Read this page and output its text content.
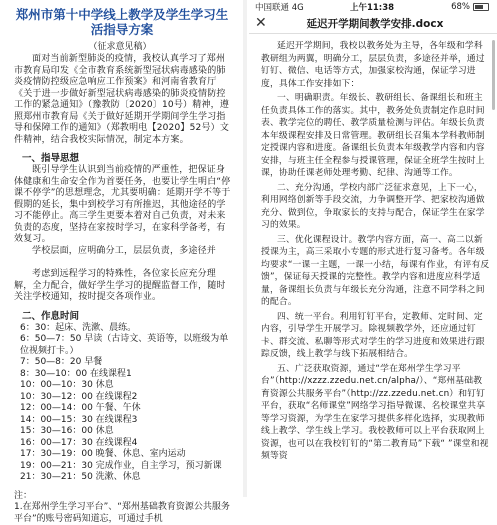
郑州市第十中学线上教学及学生学习生
活指导方案
（征求意见稿）
面对当前新型肺炎的疫情，我校认真学习了郑州市教育局印发《全市教育系统新型冠状病毒感染的肺炎疫情防控级应急响应工作预案》和河南省教育厅《关于进一步做好新型冠状病毒感染的肺炎疫情防控工作的紧急通知》（豫教防〔2020〕10号）精神，遵照郑州市教育局《关于做好延期开学期间学生学习指导和保障工作的通知》（郑教明电【2020】52号）文件精神，结合我校实际情况，制定本方案。
一、指导思想
既引导学生认识到当前疫情的严重性，把保证身体健康和生命安全作为首要任务，也要让学生明白“停课不停学”的思想理念，尤其要明确：延期开学不等于假期的延长，集中到校学习有所推迟，其他途径的学习不能停止。高三学生更要本着对自己负责，对未来负责的态度，坚持在家按时学习，在家科学备考，有效复习。
学校层面，应明确分工，层层负责，多途径并
考虑到远程学习的特殊性，各位家长应充分理解，全力配合，做好学生学习的提醒监督工作，随时关注学校通知，按时提交各项作业。
二、作息时间
6：30：起床、洗漱、晨练。
6：50—7：50 早读（古诗文、英语等，以班级为单位视频打卡。）
7：50—8：20 早餐
8：30—10：00 在线课程1
10：00—10：30 休息
10：30—12：00 在线课程2
12：00—14：00 午餐、午休
14：00—15：30 在线课程3
15：30—16：00 休息
16：00—17：30 在线课程4
17：30—19：00 晚餐、休息、室内运动
19：00—21：30 完成作业，自主学习，预习新课
21：30—21：50 洗漱、休息
注：
1.在郑州学生学习平台”、“郑州基础教育资源公共服务平台”的账号密码知道忘，可通过手机
中国联通 4G	上午11:38	68%
✕	延迟开学期间教学安排.docx
延迟开学期间，我校以教务处为主导，各年级和学科教研组为两翼，明确分工，层层负责，多途径并举，通过钉钉、微信、电话等方式，加强家校沟通，保证学习进度，具体工作安排如下：
一、明确职责。年级长、教研组长、备课组长和班主任负责具体工作的落实。其中，教务处负责制定作息时间表、教学完位的聘任、教学质量检测与评估。年级长负责本年级课程安排及日常管理。教研组长召集本学科教师制定授课内容和进度。备课组长负责本年级教学内容和内容安排，与班主任全程参与授课管理，保证全班学生按时上课，协助任课老师处理考勤、纪律、沟通等工作。
二、充分沟通，学校内部广泛征求意见，上下一心，利用网络创新等手段交流，力争调整开学、把家校沟通做充分、做到位，争取家长的支持与配合，保证学生在家学习的效果。
三、优化课程设计。教学内容方面，高一、高二以新授课为主，高三采取小专题的形式进行复习备考。各年级均要求“一课一主题，一课一小结，每课有作业，有评有反馈”，保证每天授课的完整性。教学内容和进度应科学适量，备课组长负责与年级长充分沟通，注意不同学科之间的配合。
四、统一平台。利用钉钉平台，定教师、定时间、定内容，引导学生开展学习。除视频教学外，还应通过钉卡、群交流、私聊等形式对学生的学习进度和效果进行跟踪反馈，线上教学与线下拓展相结合。
五、广泛获取资源，通过“学在郑州学生学习平台”（http://xzzz.zzedu.net.cn/alpha/）、“郑州基础教育资源公共服务平台”（http://zz.zzedu.net.cn）和钉钉平台，获取“名师课堂”网络学习指导微课、名校课堂共享等学习资源，为学生在家学习提供多样化选择，实现教师线上教学、学生线上学习。我校教师可以上平台获取网上资源，也可以在我校钉钉的“第二教育局”下载“ ”课堂和视频等资
